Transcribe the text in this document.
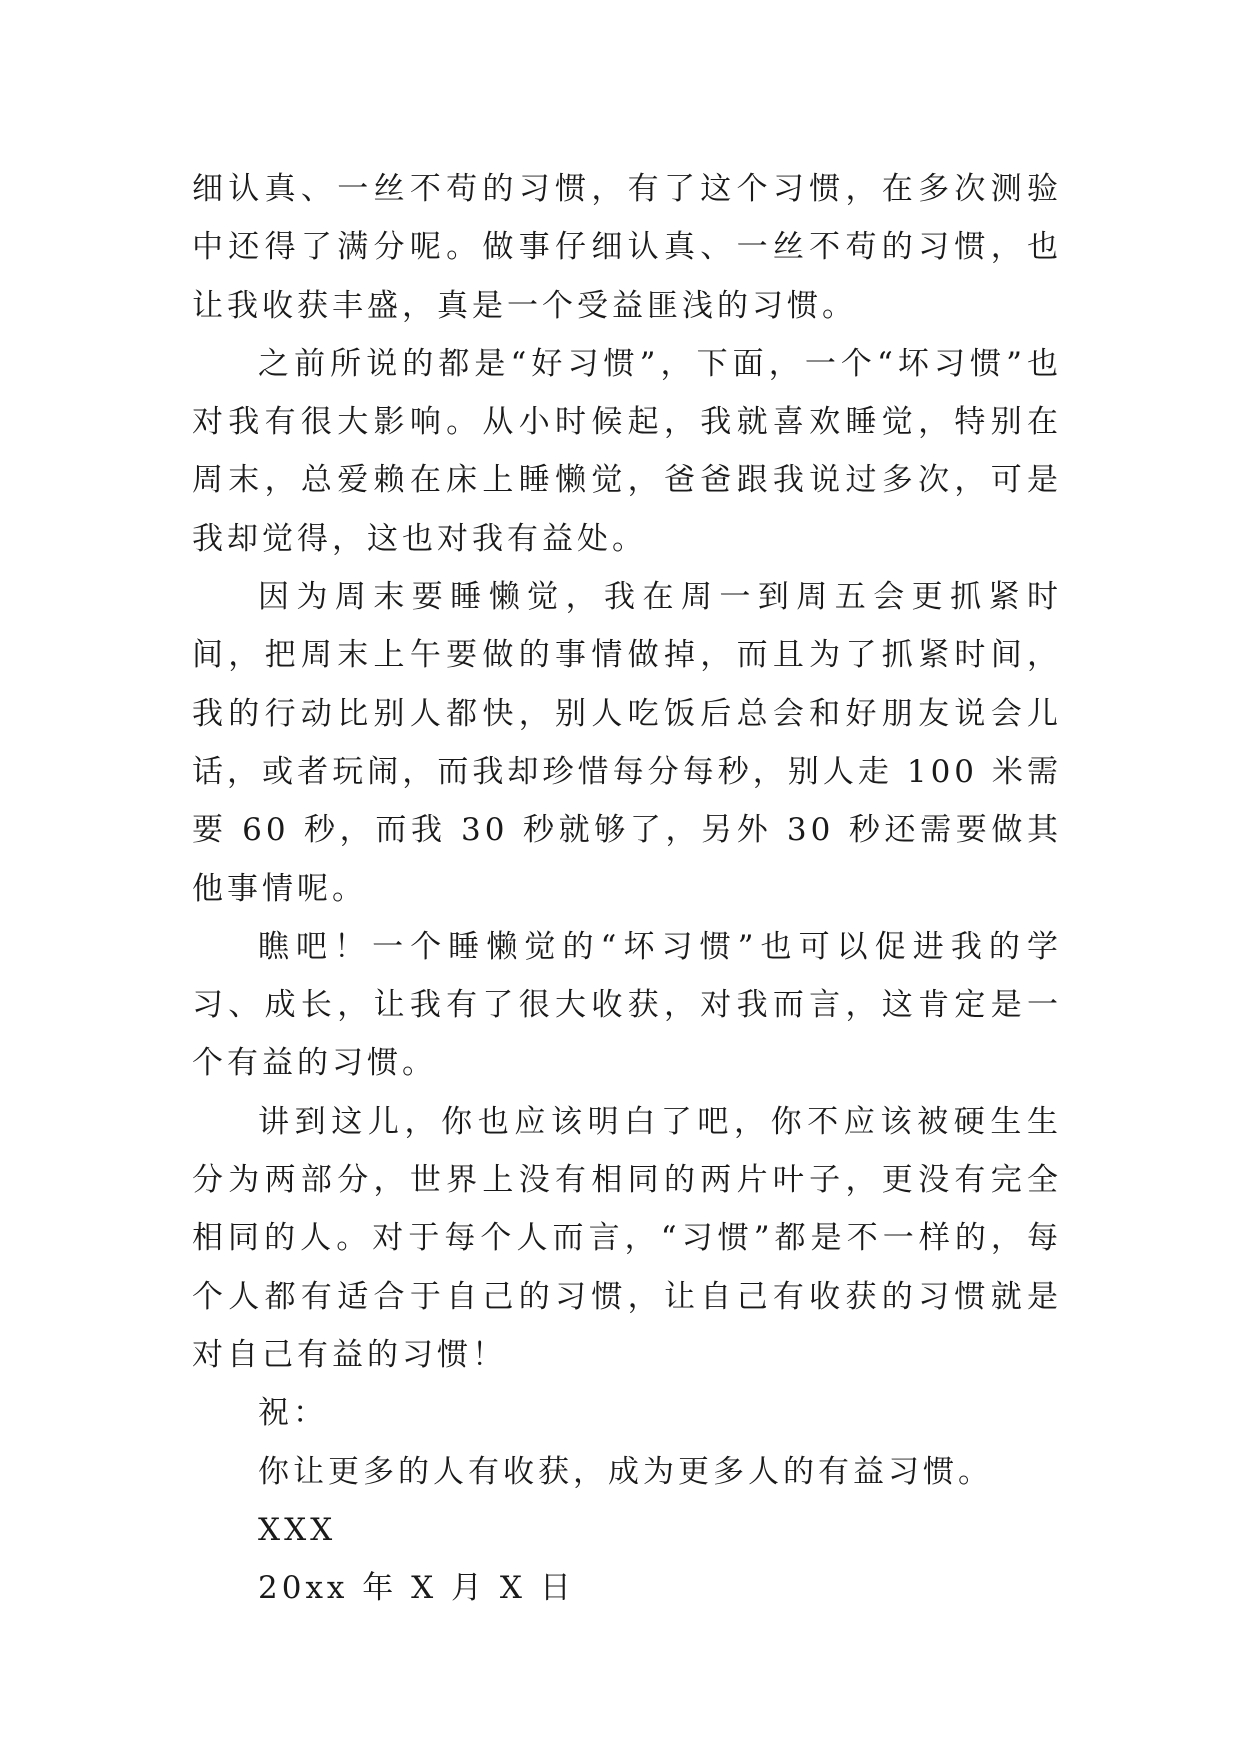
细认真、一丝不苟的习惯，有了这个习惯，在多次测验中还得了满分呢。做事仔细认真、一丝不苟的习惯，也让我收获丰盛，真是一个受益匪浅的习惯。

之前所说的都是“好习惯”，下面，一个“坏习惯”也对我有很大影响。从小时候起，我就喜欢睡觉，特别在周末，总爱赖在床上睡懒觉，爸爸跟我说过多次，可是我却觉得，这也对我有益处。

因为周末要睡懒觉，我在周一到周五会更抓紧时间，把周末上午要做的事情做掉，而且为了抓紧时间，我的行动比别人都快，别人吃饭后总会和好朋友说会儿话，或者玩闹，而我却珍惜每分每秒，别人走 100 米需要 60 秒，而我 30 秒就够了，另外 30 秒还需要做其他事情呢。

瞧吧！一个睡懒觉的“坏习惯”也可以促进我的学习、成长，让我有了很大收获，对我而言，这肯定是一个有益的习惯。

讲到这儿，你也应该明白了吧，你不应该被硬生生分为两部分，世界上没有相同的两片叶子，更没有完全相同的人。对于每个人而言，“习惯”都是不一样的，每个人都有适合于自己的习惯，让自己有收获的习惯就是对自己有益的习惯！

祝：

你让更多的人有收获，成为更多人的有益习惯。

XXX

20xx 年 X 月 X 日
